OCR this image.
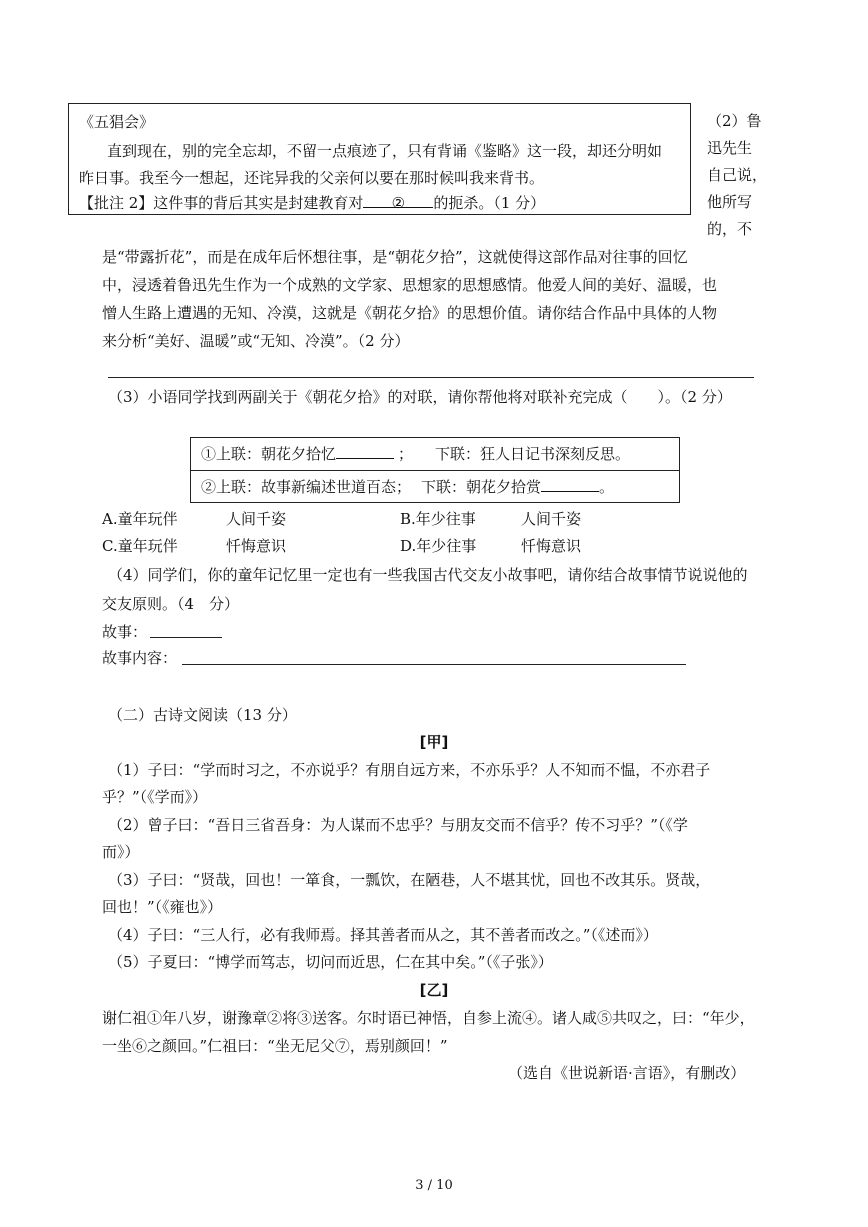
《五猖会》
直到现在，别的完全忘却，不留一点痕迹了，只有背诵《鉴略》这一段，却还分明如
昨日事。我至今一想起，还诧异我的父亲何以要在那时候叫我来背书。
【批注 2】这件事的背后其实是封建教育对 ② 的扼杀。（1 分）
（2）鲁
迅先生
自己说，
他所写
的，不
是“带露折花”，而是在成年后怀想往事，是“朝花夕拾”，这就使得这部作品对往事的回忆
中，浸透着鲁迅先生作为一个成熟的文学家、思想家的思想感情。他爱人间的美好、温暖，也
憎人生路上遭遇的无知、冷漠，这就是《朝花夕拾》的思想价值。请你结合作品中具体的人物
来分析“美好、温暖”或“无知、冷漠”。（2 分）
（3）小语同学找到两副关于《朝花夕拾》的对联，请你帮他将对联补充完成（　　）。（2 分）
①上联：朝花夕拾忆	； 下联：狂人日记书深刻反思。
②上联：故事新编述世道百态； 下联：朝花夕拾赏	。
A.童年玩伴	人间千姿	B.年少往事	人间千姿
C.童年玩伴	忏悔意识	D.年少往事	忏悔意识
（4）同学们，你的童年记忆里一定也有一些我国古代交友小故事吧，请你结合故事情节说说他的
交友原则。（4　分）
故事：
故事内容：
（二）古诗文阅读（13 分）
[甲]
（1）子曰：“学而时习之，不亦说乎？有朋自远方来，不亦乐乎？人不知而不愠，不亦君子
乎？”（《学而》）
（2）曾子曰：“吾日三省吾身：为人谋而不忠乎？与朋友交而不信乎？传不习乎？”（《学
而》）
（3）子曰：“贤哉，回也！一箪食，一瓢饮，在陋巷，人不堪其忧，回也不改其乐。贤哉，
回也！”（《雍也》）
（4）子曰：“三人行，必有我师焉。择其善者而从之，其不善者而改之。”（《述而》）
（5）子夏曰：“博学而笃志，切问而近思，仁在其中矣。”（《子张》）
[乙]
谢仁祖①年八岁，谢豫章②将③送客。尔时语已神悟，自参上流④。诸人咸⑤共叹之，曰：“年少，
一坐⑥之颜回。”仁祖曰：“坐无尼父⑦，焉别颜回！”
（选自《世说新语·言语》，有删改）
3 / 10
